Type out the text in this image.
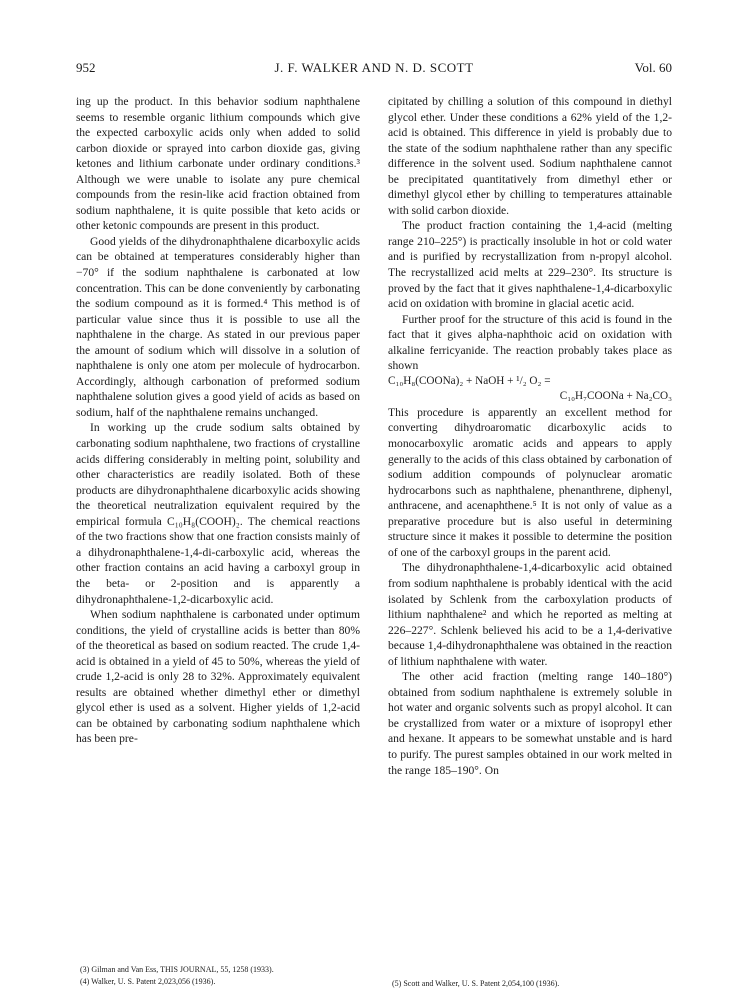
952	J. F. WALKER AND N. D. SCOTT	Vol. 60

ing up the product. In this behavior sodium naphthalene seems to resemble organic lithium compounds which give the expected carboxylic acids only when added to solid carbon dioxide or sprayed into carbon dioxide gas, giving ketones and lithium carbonate under ordinary conditions.³ Although we were unable to isolate any pure chemical compounds from the resin-like acid fraction obtained from sodium naphthalene, it is quite possible that keto acids or other ketonic compounds are present in this product.

Good yields of the dihydronaphthalene dicarboxylic acids can be obtained at temperatures considerably higher than −70° if the sodium naphthalene is carbonated at low concentration. This can be done conveniently by carbonating the sodium compound as it is formed.⁴ This method is of particular value since thus it is possible to use all the naphthalene in the charge. As stated in our previous paper the amount of sodium which will dissolve in a solution of naphthalene is only one atom per molecule of hydrocarbon. Accordingly, although carbonation of preformed sodium naphthalene solution gives a good yield of acids as based on sodium, half of the naphthalene remains unchanged.

In working up the crude sodium salts obtained by carbonating sodium naphthalene, two fractions of crystalline acids differing considerably in melting point, solubility and other characteristics are readily isolated. Both of these products are dihydronaphthalene dicarboxylic acids showing the theoretical neutralization equivalent required by the empirical formula C₁₀H₈(COOH)₂. The chemical reactions of the two fractions show that one fraction consists mainly of a dihydronaphthalene-1,4-di-carboxylic acid, whereas the other fraction contains an acid having a carboxyl group in the beta- or 2-position and is apparently a dihydronaphthalene-1,2-dicarboxylic acid.

When sodium naphthalene is carbonated under optimum conditions, the yield of crystalline acids is better than 80% of the theoretical as based on sodium reacted. The crude 1,4-acid is obtained in a yield of 45 to 50%, whereas the yield of crude 1,2-acid is only 28 to 32%. Approximately equivalent results are obtained whether dimethyl ether or dimethyl glycol ether is used as a solvent. Higher yields of 1,2-acid can be obtained by carbonating sodium naphthalene which has been pre-

(3) Gilman and Van Ess, THIS JOURNAL, 55, 1258 (1933).

(4) Walker, U. S. Patent 2,023,056 (1936).

cipitated by chilling a solution of this compound in diethyl glycol ether. Under these conditions a 62% yield of the 1,2-acid is obtained. This difference in yield is probably due to the state of the sodium naphthalene rather than any specific difference in the solvent used. Sodium naphthalene cannot be precipitated quantitatively from dimethyl ether or dimethyl glycol ether by chilling to temperatures attainable with solid carbon dioxide.

The product fraction containing the 1,4-acid (melting range 210–225°) is practically insoluble in hot or cold water and is purified by recrystallization from n-propyl alcohol. The recrystallized acid melts at 229–230°. Its structure is proved by the fact that it gives naphthalene-1,4-dicarboxylic acid on oxidation with bromine in glacial acetic acid.

Further proof for the structure of this acid is found in the fact that it gives alpha-naphthoic acid on oxidation with alkaline ferricyanide. The reaction probably takes place as shown

C₁₀H₈(COONa)₂ + NaOH + ¹/₂ O₂ =
C₁₀H₇COONa + Na₂CO₃

This procedure is apparently an excellent method for converting dihydroaromatic dicarboxylic acids to monocarboxylic aromatic acids and appears to apply generally to the acids of this class obtained by carbonation of sodium addition compounds of polynuclear aromatic hydrocarbons such as naphthalene, phenanthrene, diphenyl, anthracene, and acenaphthene.⁵ It is not only of value as a preparative procedure but is also useful in determining structure since it makes it possible to determine the position of one of the carboxyl groups in the parent acid.

The dihydronaphthalene-1,4-dicarboxylic acid obtained from sodium naphthalene is probably identical with the acid isolated by Schlenk from the carboxylation products of lithium naphthalene² and which he reported as melting at 226–227°. Schlenk believed his acid to be a 1,4-derivative because 1,4-dihydronaphthalene was obtained in the reaction of lithium naphthalene with water.

The other acid fraction (melting range 140–180°) obtained from sodium naphthalene is extremely soluble in hot water and organic solvents such as propyl alcohol. It can be crystallized from water or a mixture of isopropyl ether and hexane. It appears to be somewhat unstable and is hard to purify. The purest samples obtained in our work melted in the range 185–190°. On

(5) Scott and Walker, U. S. Patent 2,054,100 (1936).
